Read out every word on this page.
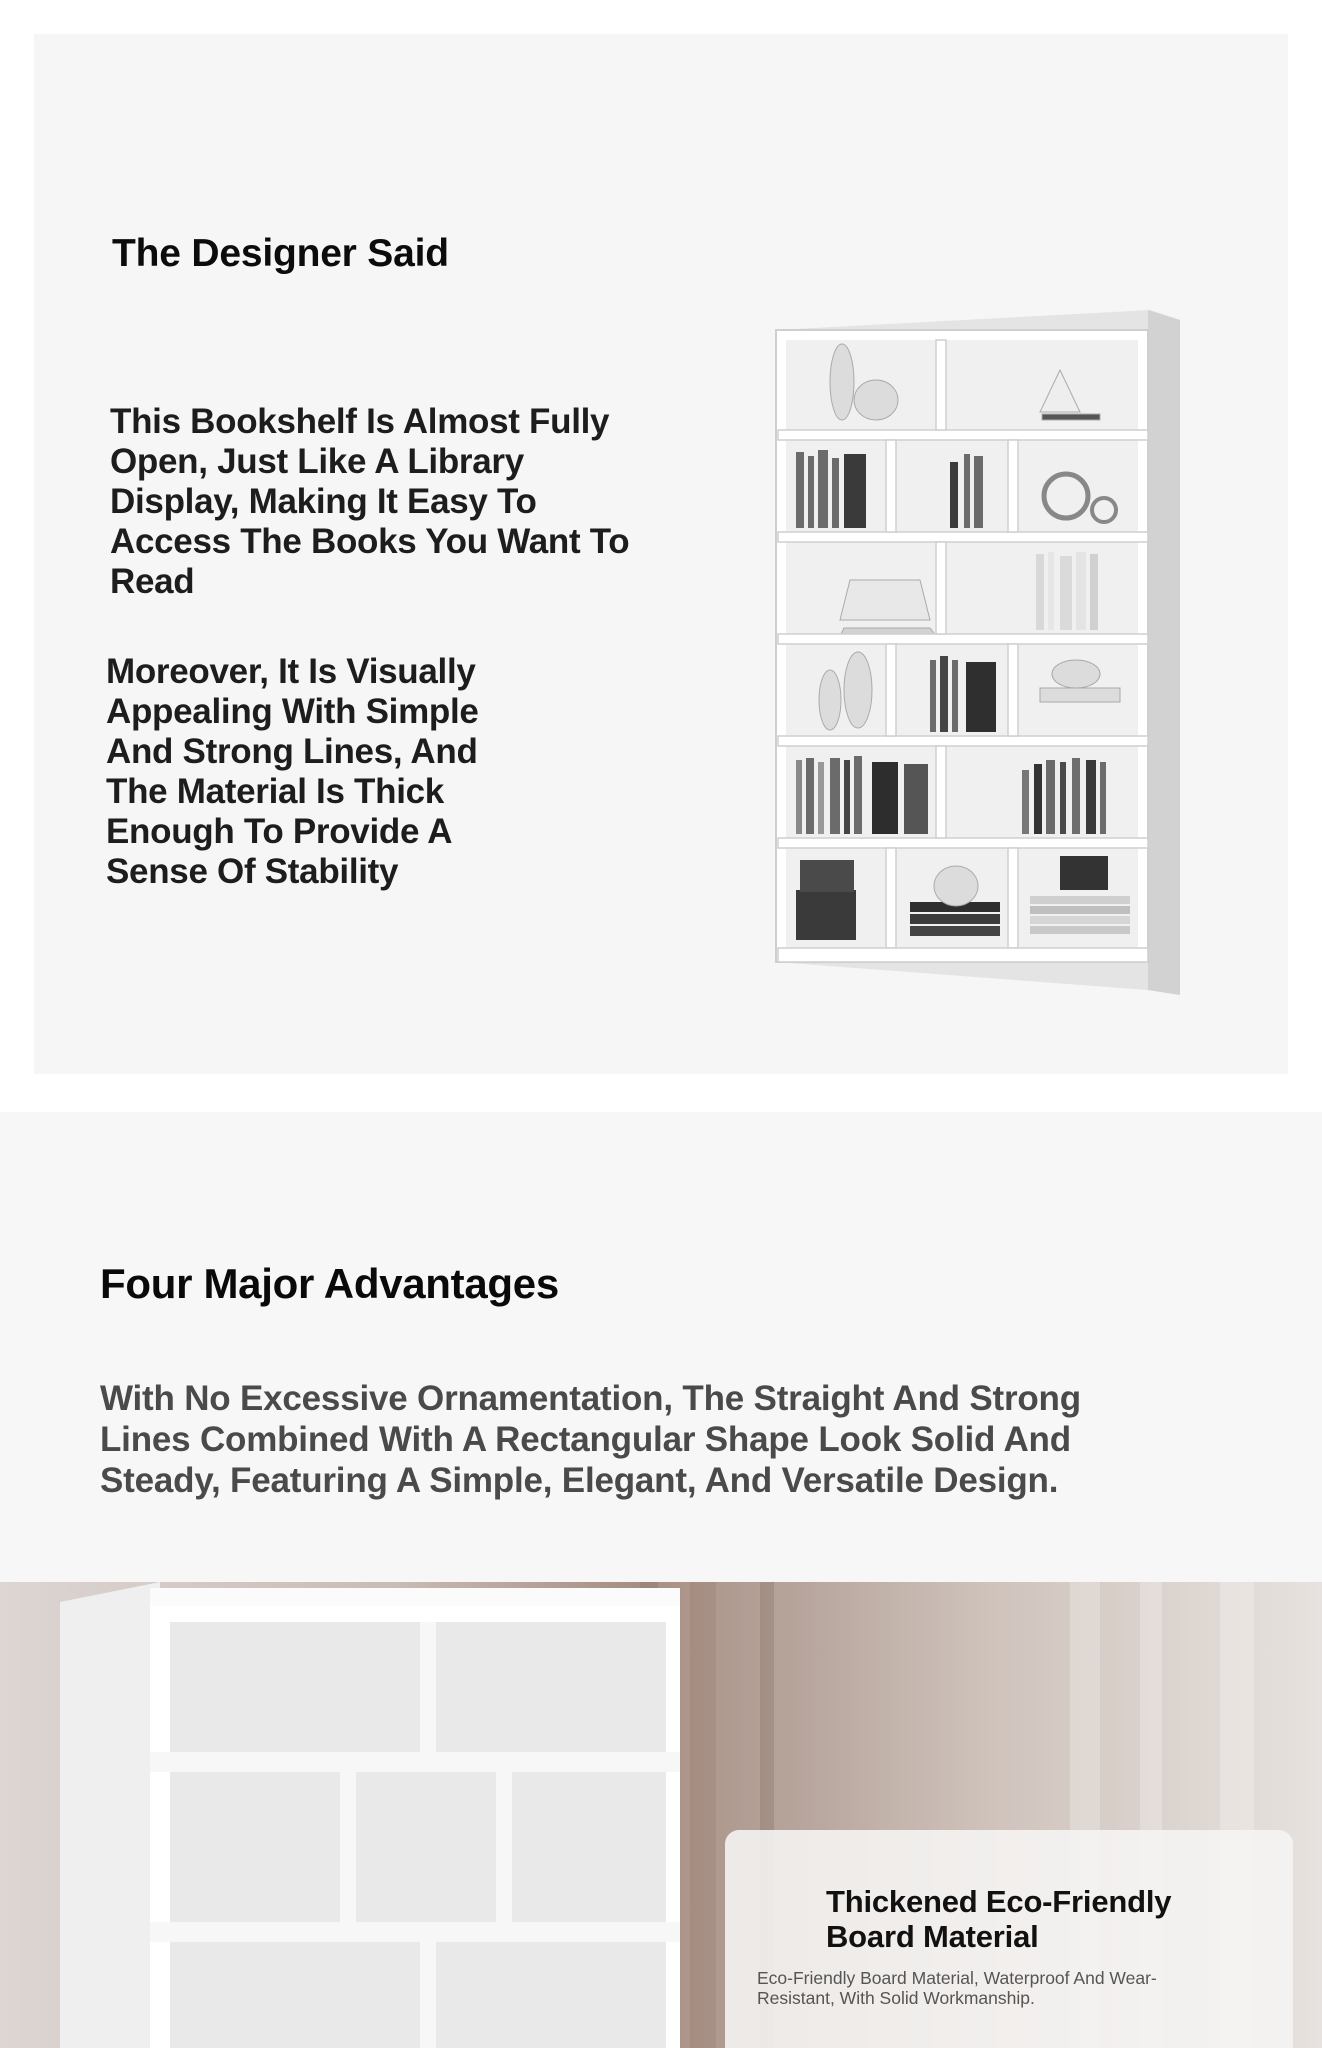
The Designer Said

This Bookshelf Is Almost Fully Open, Just Like A Library Display, Making It Easy To Access The Books You Want To Read

Moreover, It Is Visually Appealing With Simple And Strong Lines, And The Material Is Thick Enough To Provide A Sense Of Stability

Four Major Advantages

With No Excessive Ornamentation, The Straight And Strong Lines Combined With A Rectangular Shape Look Solid And Steady, Featuring A Simple, Elegant, And Versatile Design.

Thickened Eco-Friendly Board Material

Eco-Friendly Board Material, Waterproof And Wear-Resistant, With Solid Workmanship.
